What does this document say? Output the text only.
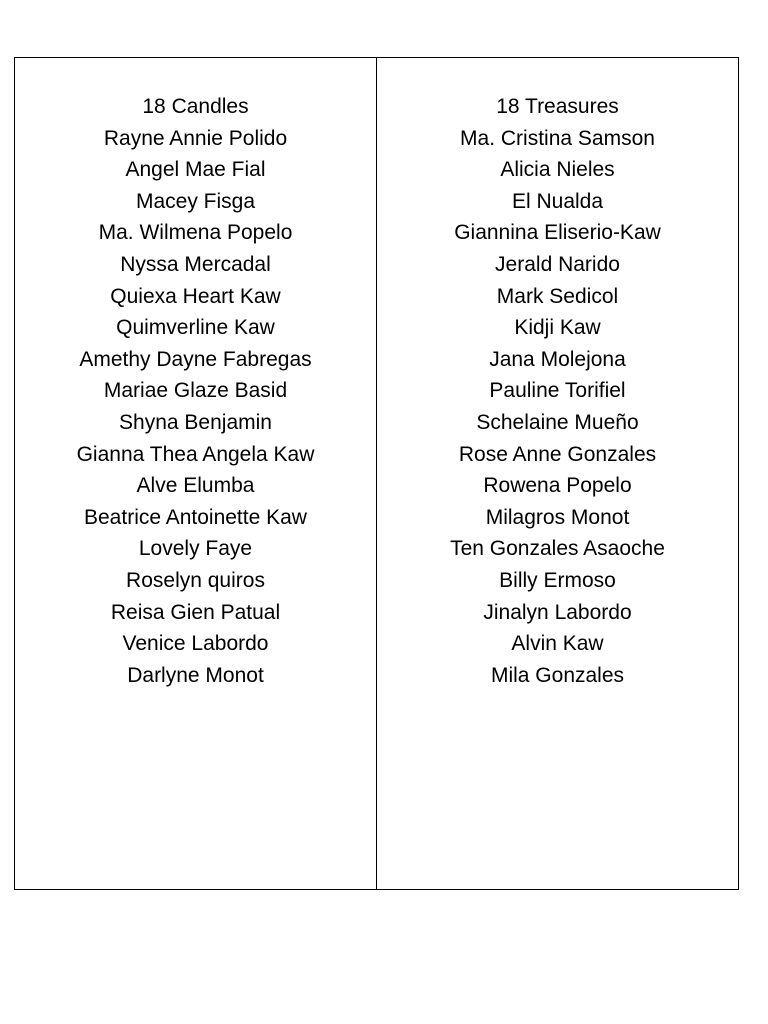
18 Candles

Rayne Annie Polido

Angel Mae Fial

Macey Fisga

Ma. Wilmena Popelo

Nyssa Mercadal

Quiexa Heart Kaw

Quimverline Kaw

Amethy Dayne Fabregas

Mariae Glaze Basid

Shyna Benjamin

Gianna Thea Angela Kaw

Alve Elumba

Beatrice Antoinette Kaw

Lovely Faye

Roselyn quiros

Reisa Gien Patual

Venice Labordo

Darlyne Monot

18 Treasures

Ma. Cristina Samson

Alicia Nieles

El Nualda

Giannina Eliserio-Kaw

Jerald Narido

Mark Sedicol

Kidji Kaw

Jana Molejona

Pauline Torifiel

Schelaine Mueño

Rose Anne Gonzales

Rowena Popelo

Milagros Monot

Ten Gonzales Asaoche

Billy Ermoso

Jinalyn Labordo

Alvin Kaw

Mila Gonzales
